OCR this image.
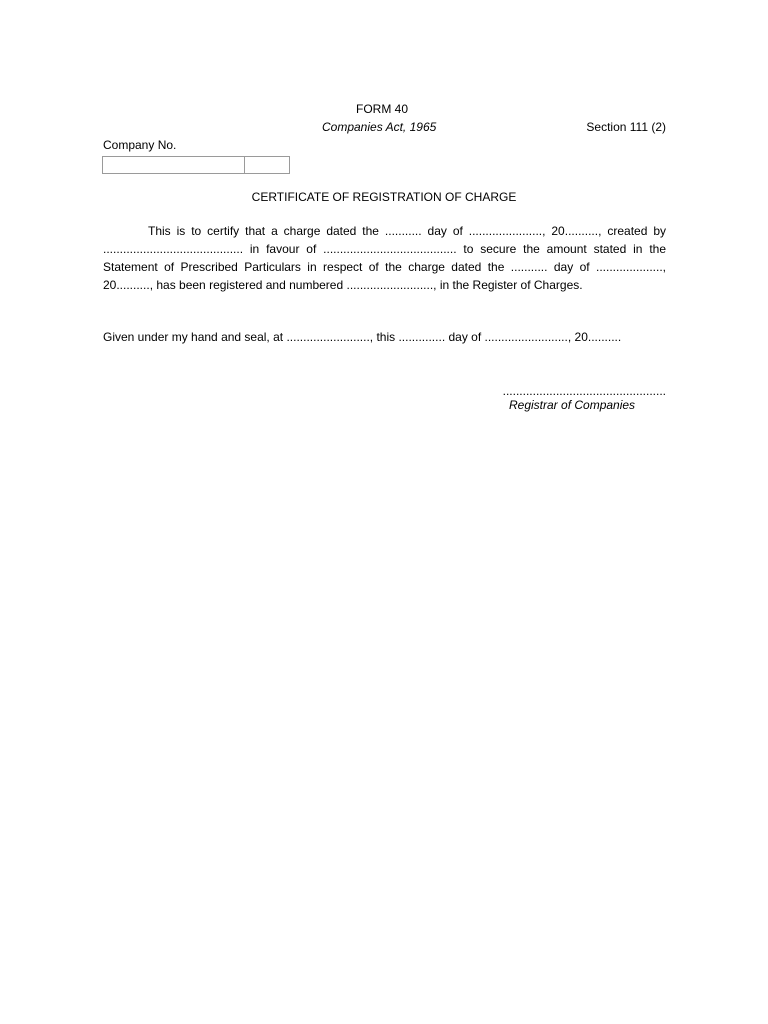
FORM 40
Companies Act, 1965	Section 111 (2)
Company No.
CERTIFICATE OF REGISTRATION OF CHARGE
This is to certify that a charge dated the ........... day of ......................, 20.........., created by
.......................................... in favour of ........................................ to secure the amount stated in the
Statement of Prescribed Particulars in respect of the charge dated the ........... day of ....................,
20.........., has been registered and numbered .........................., in the Register of Charges.
Given under my hand and seal, at ........................., this .............. day of ........................., 20..........
.................................................
Registrar of Companies
